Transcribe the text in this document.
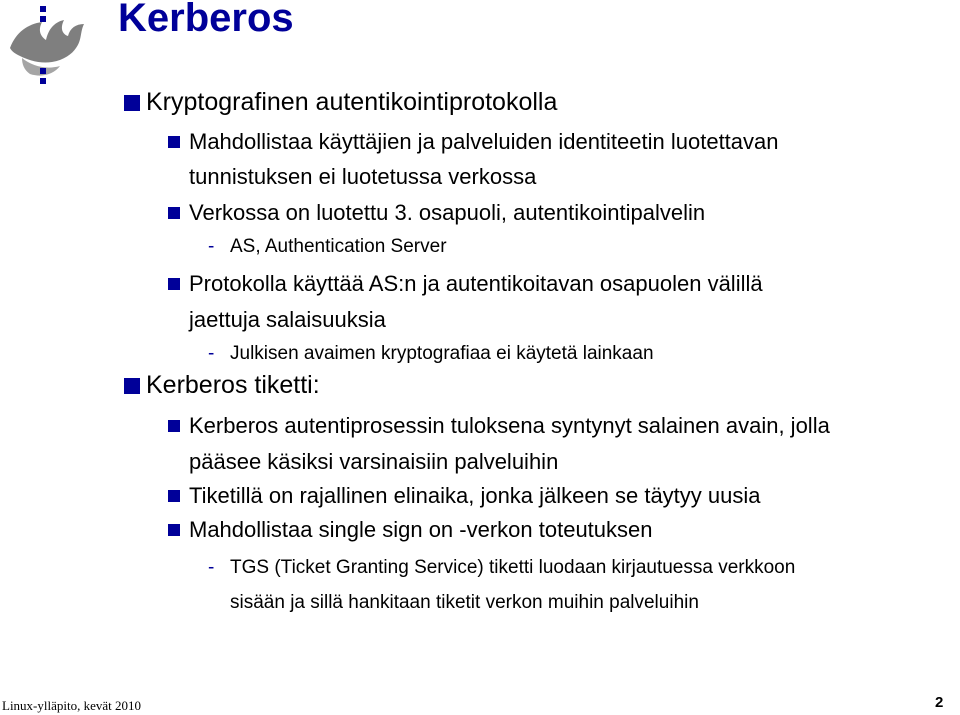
Kerberos
Kryptografinen autentikointiprotokolla
Mahdollistaa käyttäjien ja palveluiden identiteetin luotettavan
tunnistuksen ei luotetussa verkossa
Verkossa on luotettu 3. osapuoli, autentikointipalvelin
- AS, Authentication Server
Protokolla käyttää AS:n ja autentikoitavan osapuolen välillä
jaettuja salaisuuksia
- Julkisen avaimen kryptografiaa ei käytetä lainkaan
Kerberos tiketti:
Kerberos autentiprosessin tuloksena syntynyt salainen avain, jolla
pääsee käsiksi varsinaisiin palveluihin
Tiketillä on rajallinen elinaika, jonka jälkeen se täytyy uusia
Mahdollistaa single sign on -verkon toteutuksen
- TGS (Ticket Granting Service) tiketti luodaan kirjautuessa verkkoon
sisään ja sillä hankitaan tiketit verkon muihin palveluihin
Linux-ylläpito, kevät 2010	2
